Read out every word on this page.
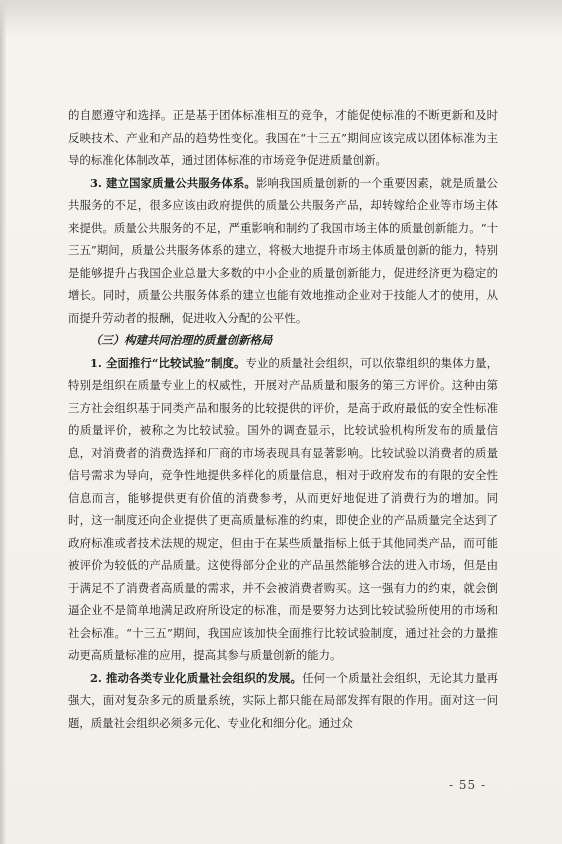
的自愿遵守和选择。正是基于团体标准相互的竞争，才能促使标准的不断更新和及时反映技术、产业和产品的趋势性变化。我国在“十三五”期间应该完成以团体标准为主导的标准化体制改革，通过团体标准的市场竞争促进质量创新。

3. 建立国家质量公共服务体系。影响我国质量创新的一个重要因素，就是质量公共服务的不足，很多应该由政府提供的质量公共服务产品，却转嫁给企业等市场主体来提供。质量公共服务的不足，严重影响和制约了我国市场主体的质量创新能力。“十三五”期间，质量公共服务体系的建立，将极大地提升市场主体质量创新的能力，特别是能够提升占我国企业总量大多数的中小企业的质量创新能力，促进经济更为稳定的增长。同时，质量公共服务体系的建立也能有效地推动企业对于技能人才的使用，从而提升劳动者的报酬，促进收入分配的公平性。

（三）构建共同治理的质量创新格局

1. 全面推行“比较试验”制度。专业的质量社会组织，可以依靠组织的集体力量，特别是组织在质量专业上的权威性，开展对产品质量和服务的第三方评价。这种由第三方社会组织基于同类产品和服务的比较提供的评价，是高于政府最低的安全性标准的质量评价，被称之为比较试验。国外的调查显示，比较试验机构所发布的质量信息，对消费者的消费选择和厂商的市场表现具有显著影响。比较试验以消费者的质量信号需求为导向，竞争性地提供多样化的质量信息，相对于政府发布的有限的安全性信息而言，能够提供更有价值的消费参考，从而更好地促进了消费行为的增加。同时，这一制度还向企业提供了更高质量标准的约束，即使企业的产品质量完全达到了政府标准或者技术法规的规定，但由于在某些质量指标上低于其他同类产品，而可能被评价为较低的产品质量。这使得部分企业的产品虽然能够合法的进入市场，但是由于满足不了消费者高质量的需求，并不会被消费者购买。这一强有力的约束，就会倒逼企业不是简单地满足政府所设定的标准，而是要努力达到比较试验所使用的市场和社会标准。“十三五”期间，我国应该加快全面推行比较试验制度，通过社会的力量推动更高质量标准的应用，提高其参与质量创新的能力。

2. 推动各类专业化质量社会组织的发展。任何一个质量社会组织，无论其力量再强大，面对复杂多元的质量系统，实际上都只能在局部发挥有限的作用。面对这一问题，质量社会组织必须多元化、专业化和细分化。通过众

- 55 -
